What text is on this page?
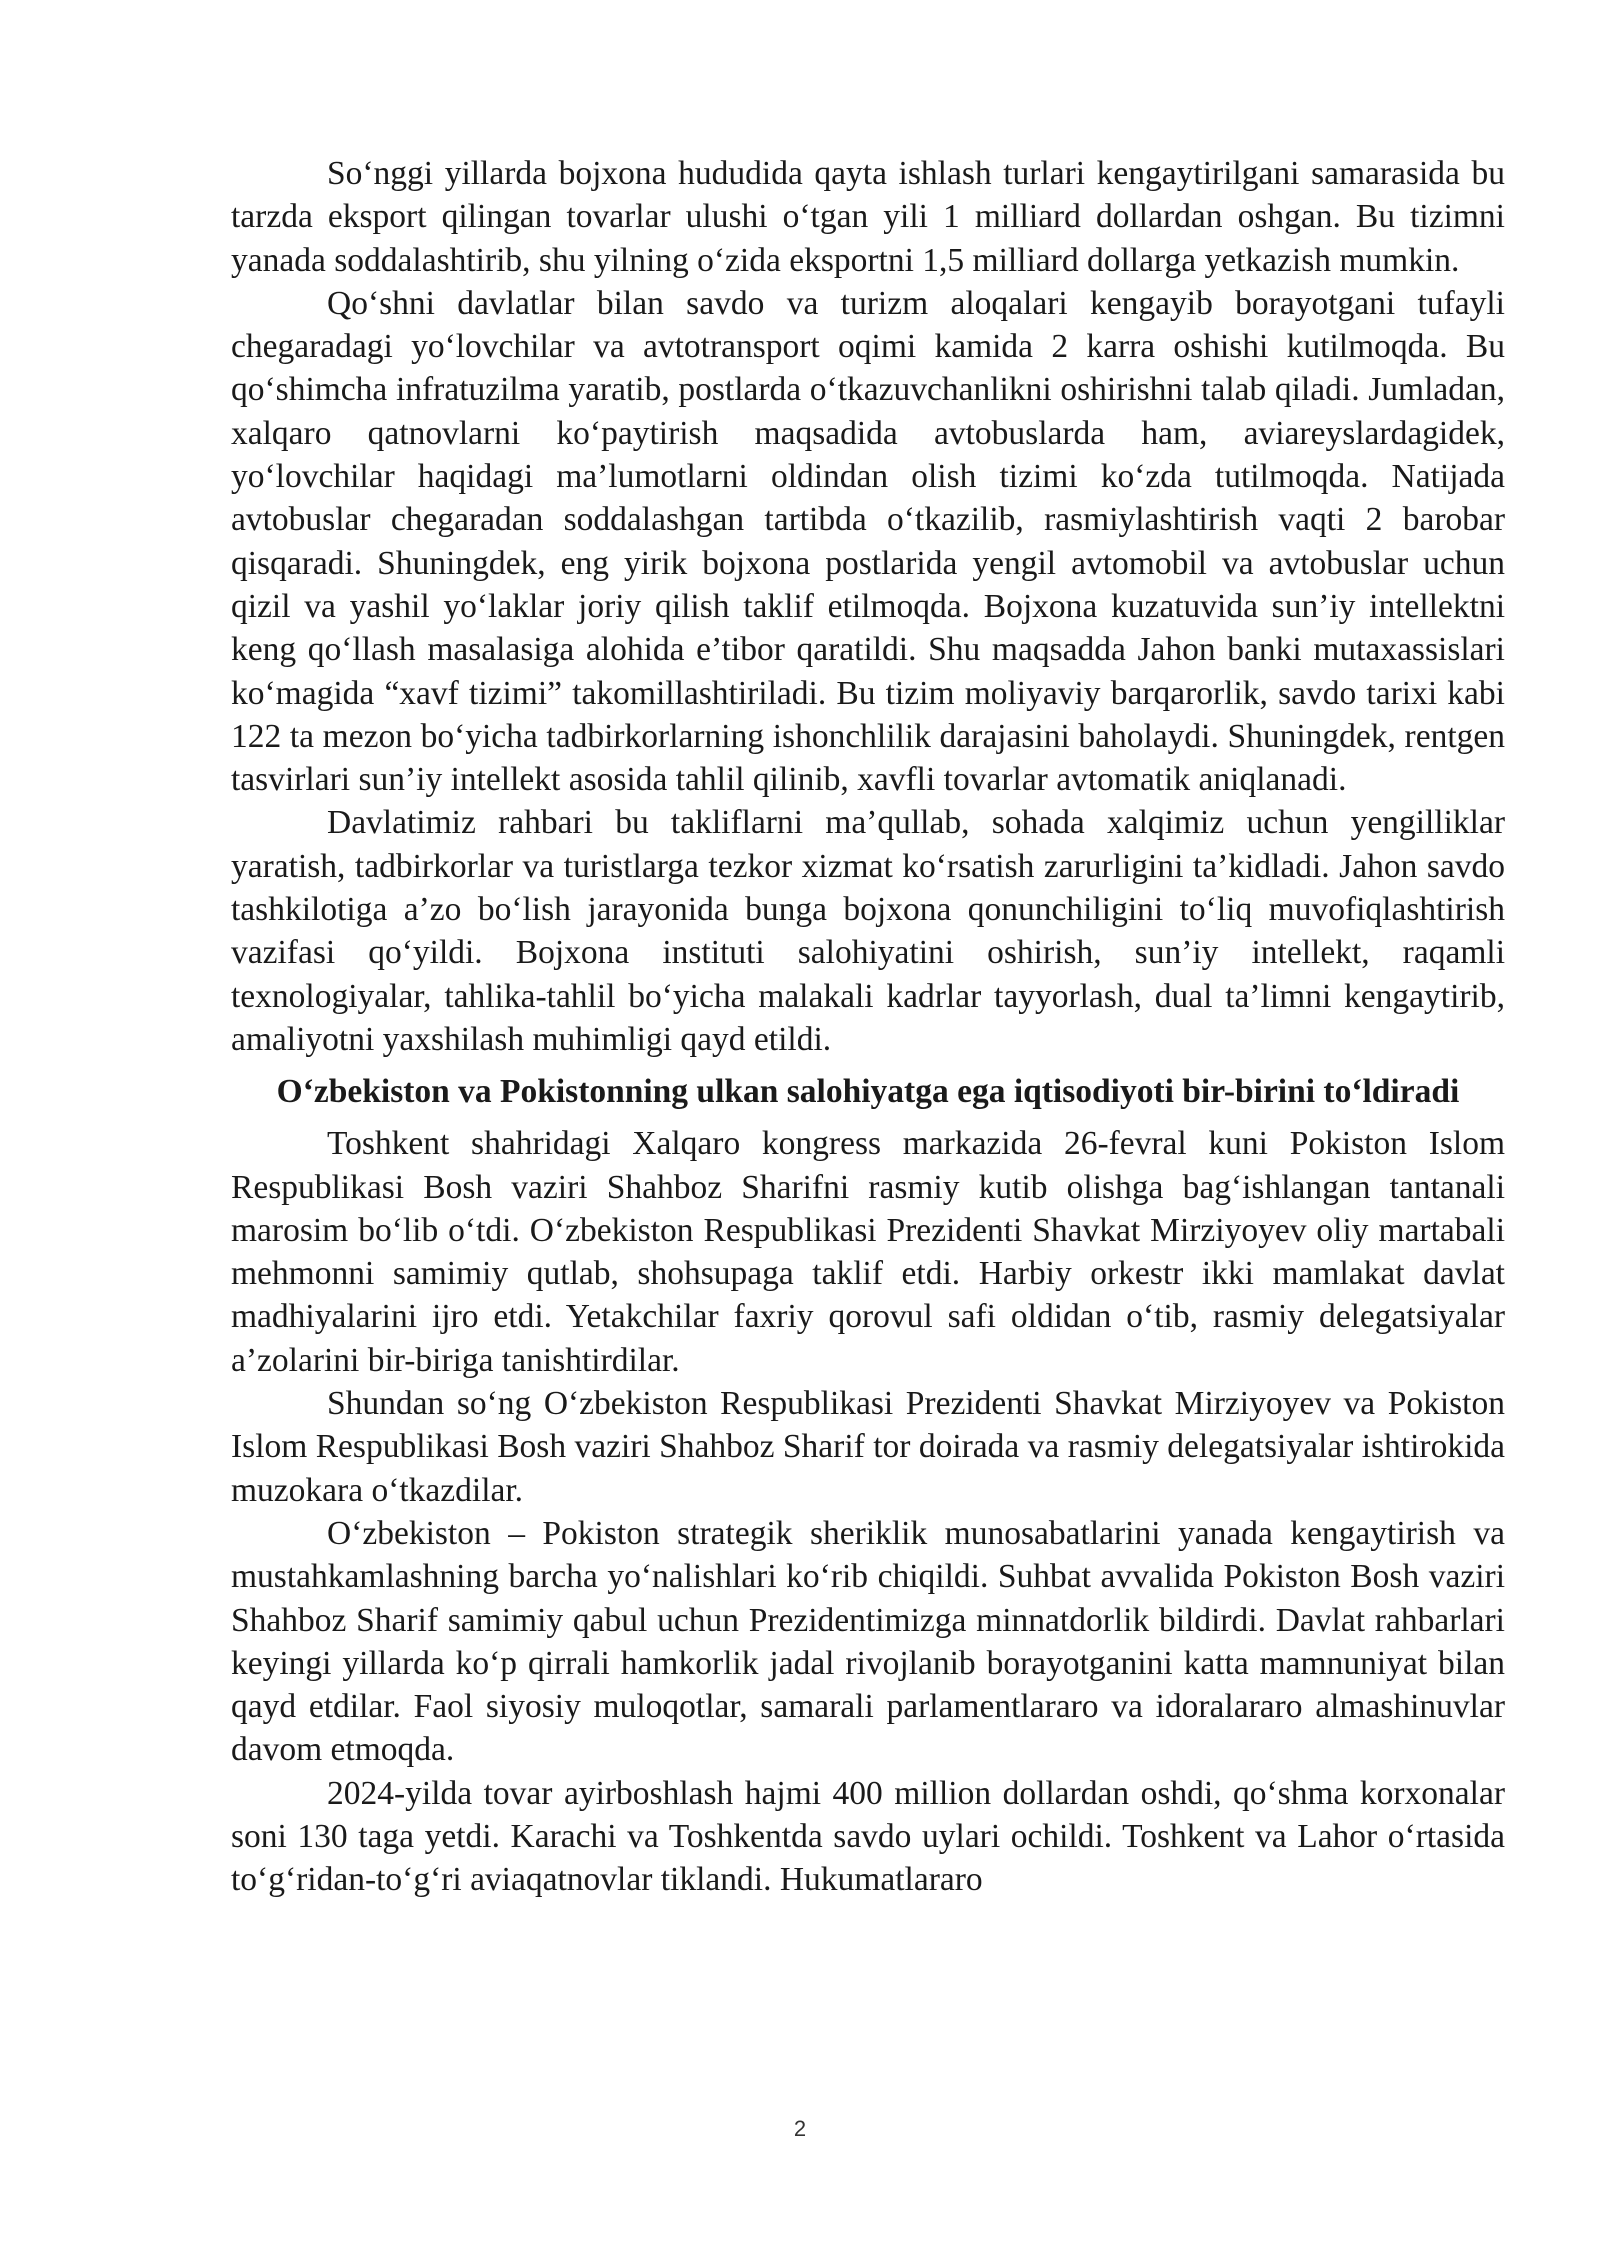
So‘nggi yillarda bojxona hududida qayta ishlash turlari kengaytirilgani samarasida bu tarzda eksport qilingan tovarlar ulushi o‘tgan yili 1 milliard dollardan oshgan. Bu tizimni yanada soddalashtirib, shu yilning o‘zida eksportni 1,5 milliard dollarga yetkazish mumkin.

Qo‘shni davlatlar bilan savdo va turizm aloqalari kengayib borayotgani tufayli chegaradagi yo‘lovchilar va avtotransport oqimi kamida 2 karra oshishi kutilmoqda. Bu qo‘shimcha infratuzilma yaratib, postlarda o‘tkazuvchanlikni oshirishni talab qiladi. Jumladan, xalqaro qatnovlarni ko‘paytirish maqsadida avtobuslarda ham, aviareyslardagidek, yo‘lovchilar haqidagi ma’lumotlarni oldindan olish tizimi ko‘zda tutilmoqda. Natijada avtobuslar chegaradan soddalashgan tartibda o‘tkazilib, rasmiylashtirish vaqti 2 barobar qisqaradi. Shuningdek, eng yirik bojxona postlarida yengil avtomobil va avtobuslar uchun qizil va yashil yo‘laklar joriy qilish taklif etilmoqda. Bojxona kuzatuvida sun’iy intellektni keng qo‘llash masalasiga alohida e’tibor qaratildi. Shu maqsadda Jahon banki mutaxassislari ko‘magida “xavf tizimi” takomillashtiriladi. Bu tizim moliyaviy barqarorlik, savdo tarixi kabi 122 ta mezon bo‘yicha tadbirkorlarning ishonchlilik darajasini baholaydi. Shuningdek, rentgen tasvirlari sun’iy intellekt asosida tahlil qilinib, xavfli tovarlar avtomatik aniqlanadi.

Davlatimiz rahbari bu takliflarni ma’qullab, sohada xalqimiz uchun yengilliklar yaratish, tadbirkorlar va turistlarga tezkor xizmat ko‘rsatish zarurligini ta’kidladi. Jahon savdo tashkilotiga a’zo bo‘lish jarayonida bunga bojxona qonunchiligini to‘liq muvofiqlashtirish vazifasi qo‘yildi. Bojxona instituti salohiyatini oshirish, sun’iy intellekt, raqamli texnologiyalar, tahlika-tahlil bo‘yicha malakali kadrlar tayyorlash, dual ta’limni kengaytirib, amaliyotni yaxshilash muhimligi qayd etildi.

O‘zbekiston va Pokistonning ulkan salohiyatga ega iqtisodiyoti bir-birini to‘ldiradi

Toshkent shahridagi Xalqaro kongress markazida 26-fevral kuni Pokiston Islom Respublikasi Bosh vaziri Shahboz Sharifni rasmiy kutib olishga bag‘ishlangan tantanali marosim bo‘lib o‘tdi. O‘zbekiston Respublikasi Prezidenti Shavkat Mirziyoyev oliy martabali mehmonni samimiy qutlab, shohsupaga taklif etdi. Harbiy orkestr ikki mamlakat davlat madhiyalarini ijro etdi. Yetakchilar faxriy qorovul safi oldidan o‘tib, rasmiy delegatsiyalar a’zolarini bir-biriga tanishtirdilar.

Shundan so‘ng O‘zbekiston Respublikasi Prezidenti Shavkat Mirziyoyev va Pokiston Islom Respublikasi Bosh vaziri Shahboz Sharif tor doirada va rasmiy delegatsiyalar ishtirokida muzokara o‘tkazdilar.

O‘zbekiston – Pokiston strategik sheriklik munosabatlarini yanada kengaytirish va mustahkamlashning barcha yo‘nalishlari ko‘rib chiqildi. Suhbat avvalida Pokiston Bosh vaziri Shahboz Sharif samimiy qabul uchun Prezidentimizga minnatdorlik bildirdi. Davlat rahbarlari keyingi yillarda ko‘p qirrali hamkorlik jadal rivojlanib borayotganini katta mamnuniyat bilan qayd etdilar. Faol siyosiy muloqotlar, samarali parlamentlararo va idoralararo almashinuvlar davom etmoqda.

2024-yilda tovar ayirboshlash hajmi 400 million dollardan oshdi, qo‘shma korxonalar soni 130 taga yetdi. Karachi va Toshkentda savdo uylari ochildi. Toshkent va Lahor o‘rtasida to‘g‘ridan-to‘g‘ri aviaqatnovlar tiklandi. Hukumatlararo

2
